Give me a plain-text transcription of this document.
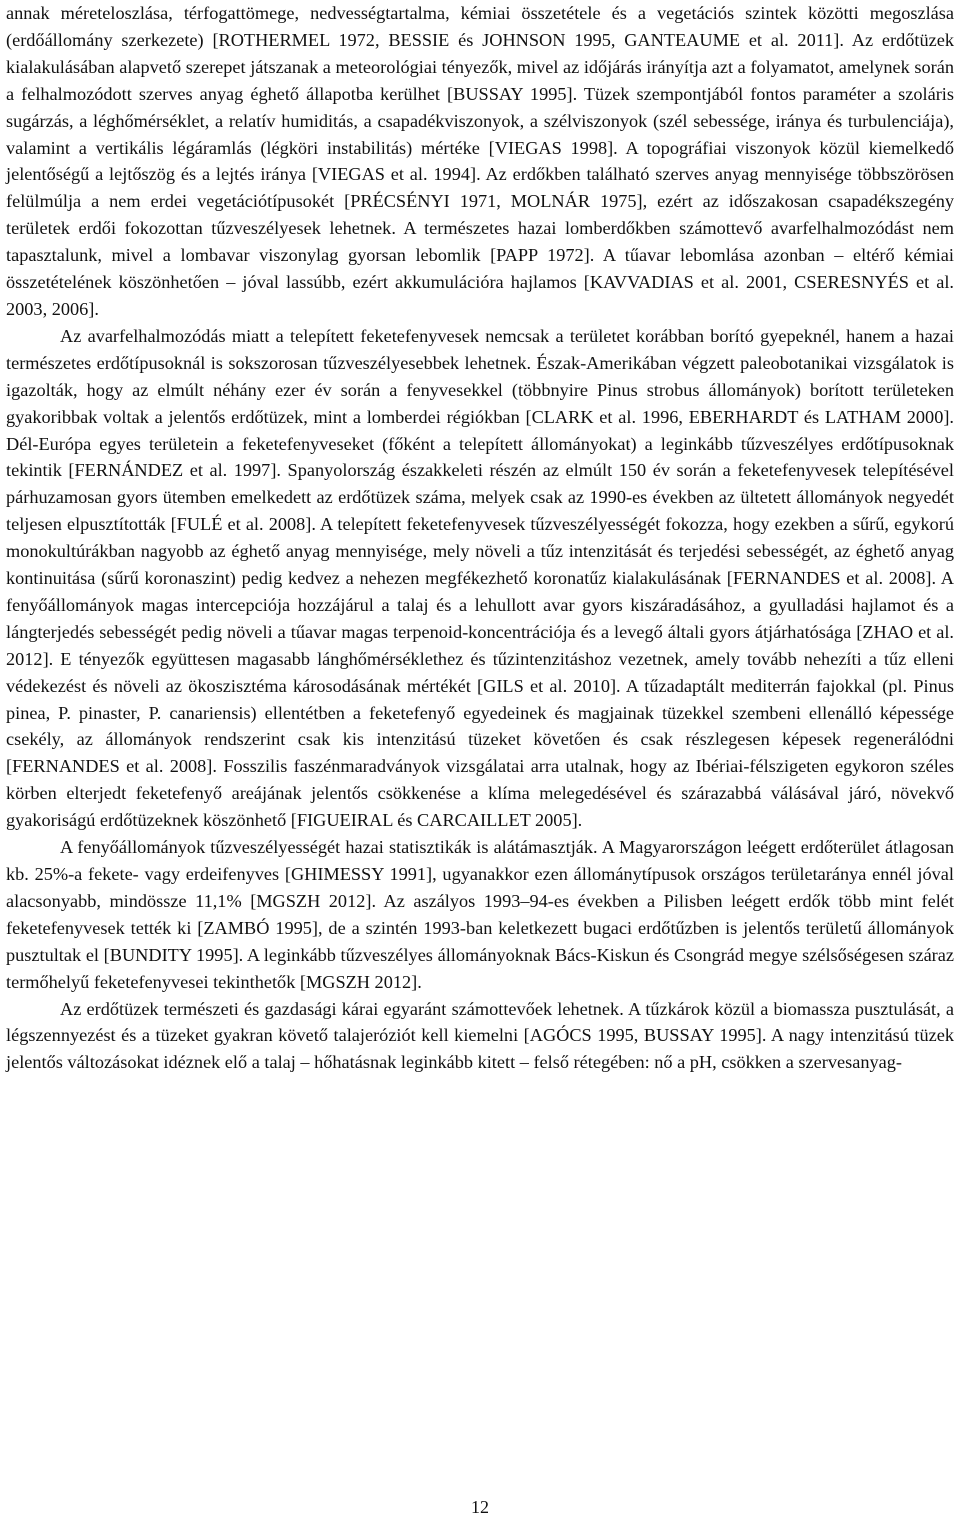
annak méreteloszlása, térfogattömege, nedvességtartalma, kémiai összetétele és a vegetációs szintek közötti megoszlása (erdőállomány szerkezete) [ROTHERMEL 1972, BESSIE és JOHNSON 1995, GANTEAUME et al. 2011]. Az erdőtüzek kialakulásában alapvető szerepet játszanak a meteorológiai tényezők, mivel az időjárás irányítja azt a folyamatot, amelynek során a felhalmozódott szerves anyag éghető állapotba kerülhet [BUSSAY 1995]. Tüzek szempontjából fontos paraméter a szoláris sugárzás, a léghőmérséklet, a relatív humiditás, a csapadékviszonyok, a szélviszonyok (szél sebessége, iránya és turbulenciája), valamint a vertikális légáramlás (légköri instabilitás) mértéke [VIEGAS 1998]. A topográfiai viszonyok közül kiemelkedő jelentőségű a lejtőszög és a lejtés iránya [VIEGAS et al. 1994]. Az erdőkben található szerves anyag mennyisége többszörösen felülmúlja a nem erdei vegetációtípusokét [PRÉCSÉNYI 1971, MOLNÁR 1975], ezért az időszakosan csapadékszegény területek erdői fokozottan tűzveszélyesek lehetnek. A természetes hazai lomberdőkben számottevő avarfelhalmozódást nem tapasztalunk, mivel a lombavar viszonylag gyorsan lebomlik [PAPP 1972]. A tűavar lebomlása azonban – eltérő kémiai összetételének köszönhetően – jóval lassúbb, ezért akkumulációra hajlamos [KAVVADIAS et al. 2001, CSERESNYÉS et al. 2003, 2006].

Az avarfelhalmozódás miatt a telepített feketefenyvesek nemcsak a területet korábban borító gyepeknél, hanem a hazai természetes erdőtípusoknál is sokszorosan tűzveszélyesebbek lehetnek. Észak-Amerikában végzett paleobotanikai vizsgálatok is igazolták, hogy az elmúlt néhány ezer év során a fenyvesekkel (többnyire Pinus strobus állományok) borított területeken gyakoribbak voltak a jelentős erdőtüzek, mint a lomberdei régiókban [CLARK et al. 1996, EBERHARDT és LATHAM 2000]. Dél-Európa egyes területein a feketefenyveseket (főként a telepített állományokat) a leginkább tűzveszélyes erdőtípusoknak tekintik [FERNÁNDEZ et al. 1997]. Spanyolország északkeleti részén az elmúlt 150 év során a feketefenyvesek telepítésével párhuzamosan gyors ütemben emelkedett az erdőtüzek száma, melyek csak az 1990-es években az ültetett állományok negyedét teljesen elpusztították [FULÉ et al. 2008]. A telepített feketefenyvesek tűzveszélyességét fokozza, hogy ezekben a sűrű, egykorú monokultúrákban nagyobb az éghető anyag mennyisége, mely növeli a tűz intenzitását és terjedési sebességét, az éghető anyag kontinuitása (sűrű koronaszint) pedig kedvez a nehezen megfékezhető koronatűz kialakulásának [FERNANDES et al. 2008]. A fenyőállományok magas intercepciója hozzájárul a talaj és a lehullott avar gyors kiszáradásához, a gyulladási hajlamot és a lángterjedés sebességét pedig növeli a tűavar magas terpenoid-koncentrációja és a levegő általi gyors átjárhatósága [ZHAO et al. 2012]. E tényezők együttesen magasabb lánghőmérséklethez és tűzintenzitáshoz vezetnek, amely tovább nehezíti a tűz elleni védekezést és növeli az ökoszisztéma károsodásának mértékét [GILS et al. 2010]. A tűzadaptált mediterrán fajokkal (pl. Pinus pinea, P. pinaster, P. canariensis) ellentétben a feketefenyő egyedeinek és magjainak tüzekkel szembeni ellenálló képessége csekély, az állományok rendszerint csak kis intenzitású tüzeket követően és csak részlegesen képesek regenerálódni [FERNANDES et al. 2008]. Fosszilis faszénmaradványok vizsgálatai arra utalnak, hogy az Ibériai-félszigeten egykoron széles körben elterjedt feketefenyő areájának jelentős csökkenése a klíma melegedésével és szárazabbá válásával járó, növekvő gyakoriságú erdőtüzeknek köszönhető [FIGUEIRAL és CARCAILLET 2005].

A fenyőállományok tűzveszélyességét hazai statisztikák is alátámasztják. A Magyarországon leégett erdőterület átlagosan kb. 25%-a fekete- vagy erdeifenyves [GHIMESSY 1991], ugyanakkor ezen állománytípusok országos területaránya ennél jóval alacsonyabb, mindössze 11,1% [MGSZH 2012]. Az aszályos 1993–94-es években a Pilisben leégett erdők több mint felét feketefenyvesek tették ki [ZAMBÓ 1995], de a szintén 1993-ban keletkezett bugaci erdőtűzben is jelentős területű állományok pusztultak el [BUNDITY 1995]. A leginkább tűzveszélyes állományoknak Bács-Kiskun és Csongrád megye szélsőségesen száraz termőhelyű feketefenyvesei tekinthetők [MGSZH 2012].

Az erdőtüzek természeti és gazdasági kárai egyaránt számottevőek lehetnek. A tűzkárok közül a biomassza pusztulását, a légszennyezést és a tüzeket gyakran követő talajeróziót kell kiemelni [AGÓCS 1995, BUSSAY 1995]. A nagy intenzitású tüzek jelentős változásokat idéznek elő a talaj – hőhatásnak leginkább kitett – felső rétegében: nő a pH, csökken a szervesanyag-

12
